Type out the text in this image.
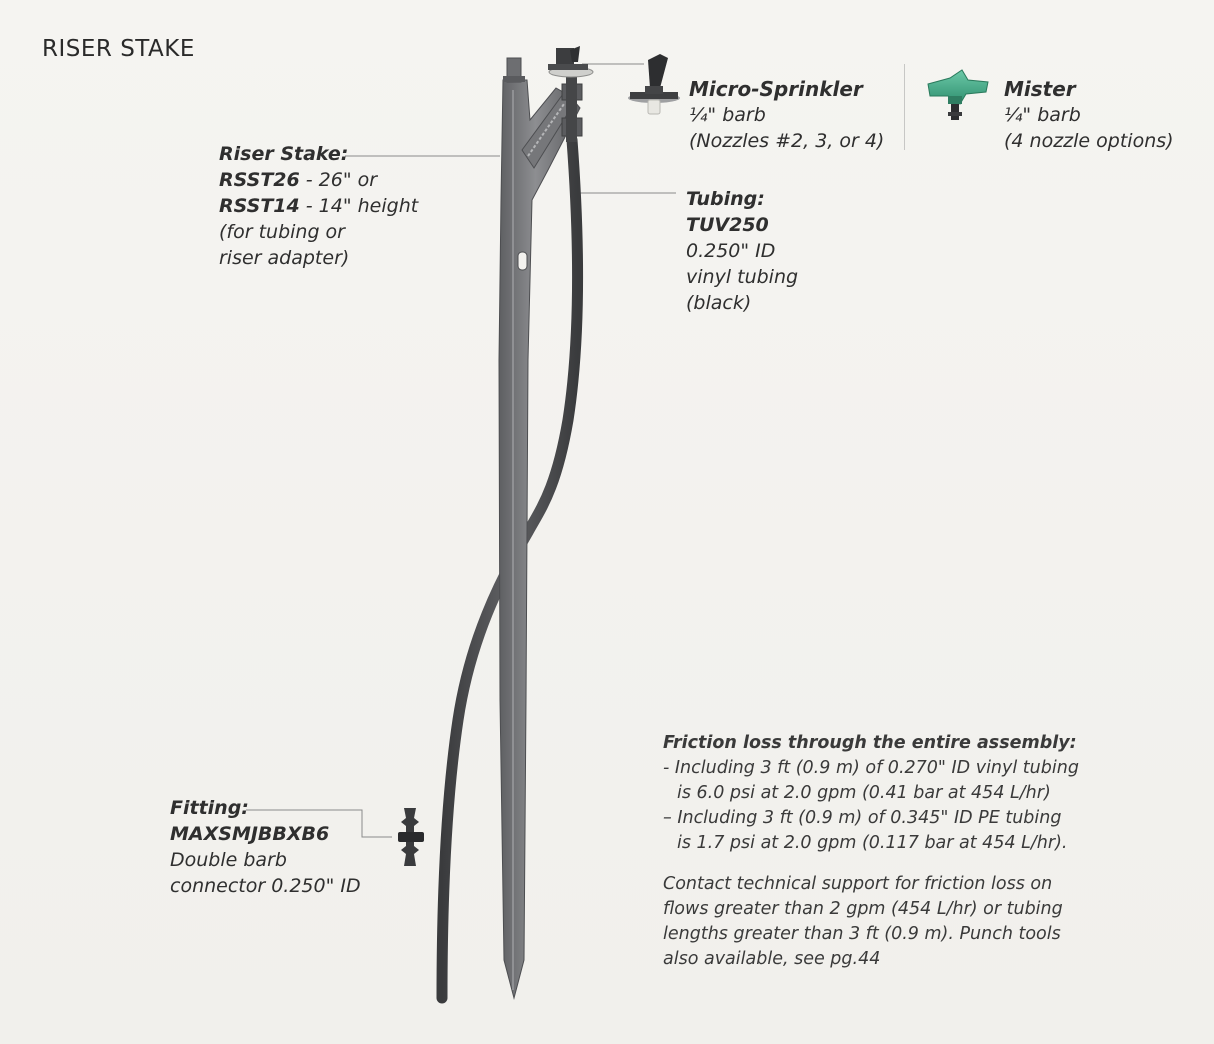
RISER STAKE
Riser Stake:
RSST26 - 26" or
RSST14 - 14" height
(for tubing or
riser adapter)
Micro-Sprinkler
¼" barb
(Nozzles #2, 3, or 4)
Mister
¼" barb
(4 nozzle options)
Tubing:
TUV250
0.250" ID
vinyl tubing
(black)
Fitting:
MAXSMJBBXB6
Double barb
connector 0.250" ID
Friction loss through the entire assembly:
- Including 3 ft (0.9 m) of 0.270" ID vinyl tubing
is 6.0 psi at 2.0 gpm (0.41 bar at 454 L/hr)
– Including 3 ft (0.9 m) of 0.345" ID PE tubing
is 1.7 psi at 2.0 gpm (0.117 bar at 454 L/hr).
Contact technical support for friction loss on
flows greater than 2 gpm (454 L/hr) or tubing
lengths greater than 3 ft (0.9 m). Punch tools
also available, see pg.44
